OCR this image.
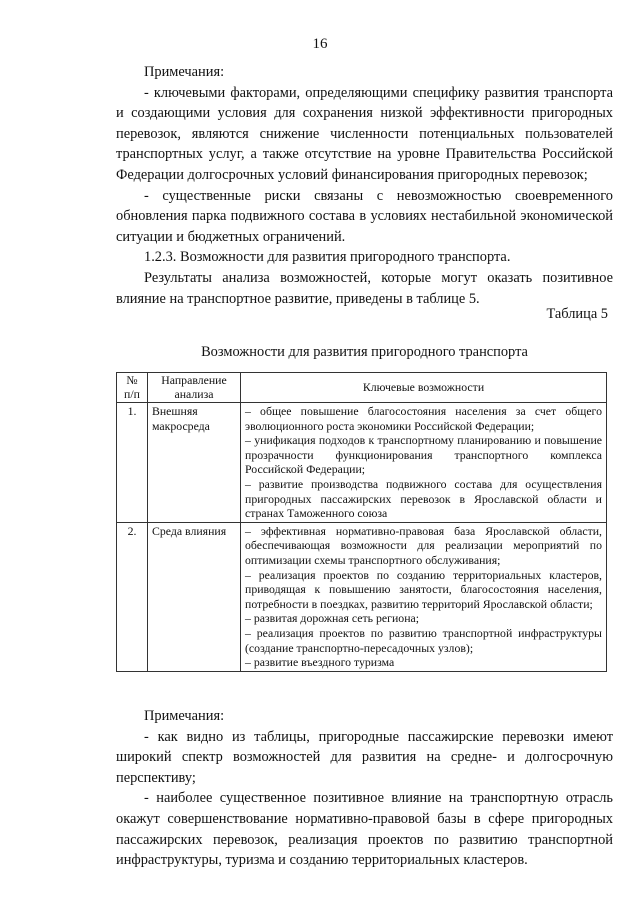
16

Примечания:

- ключевыми факторами, определяющими специфику развития транспорта и создающими условия для сохранения низкой эффективности пригородных перевозок, являются снижение численности потенциальных пользователей транспортных услуг, а также отсутствие на уровне Правительства Российской Федерации долгосрочных условий финансирования пригородных перевозок;

- существенные риски связаны с невозможностью своевременного обновления парка подвижного состава в условиях нестабильной экономической ситуации и бюджетных ограничений.

1.2.3. Возможности для развития пригородного транспорта.

Результаты анализа возможностей, которые могут оказать позитивное влияние на транспортное развитие, приведены в таблице 5.

Таблица 5
Возможности для развития пригородного транспорта
№ п/п	Направление анализа	Ключевые возможности
1.	Внешняя макросреда	– общее повышение благосостояния населения за счет общего эволюционного роста экономики Российской Федерации;
– унификация подходов к транспортному планированию и повышение прозрачности функционирования транспортного комплекса Российской Федерации;
– развитие производства подвижного состава для осуществления пригородных пассажирских перевозок в Ярославской области и странах Таможенного союза

2.	Среда влияния	– эффективная нормативно-правовая база Ярославской области, обеспечивающая возможности для реализации мероприятий по оптимизации схемы транспортного обслуживания;
– реализация проектов по созданию территориальных кластеров, приводящая к повышению занятости, благосостояния населения, потребности в поездках, развитию территорий Ярославской области;
– развитая дорожная сеть региона;
– реализация проектов по развитию транспортной инфраструктуры (создание транспортно-пересадочных узлов);
– развитие въездного туризма

Примечания:

- как видно из таблицы, пригородные пассажирские перевозки имеют широкий спектр возможностей для развития на средне- и долгосрочную перспективу;

- наиболее существенное позитивное влияние на транспортную отрасль окажут совершенствование нормативно-правовой базы в сфере пригородных пассажирских перевозок, реализация проектов по развитию транспортной инфраструктуры, туризма и созданию территориальных кластеров.
